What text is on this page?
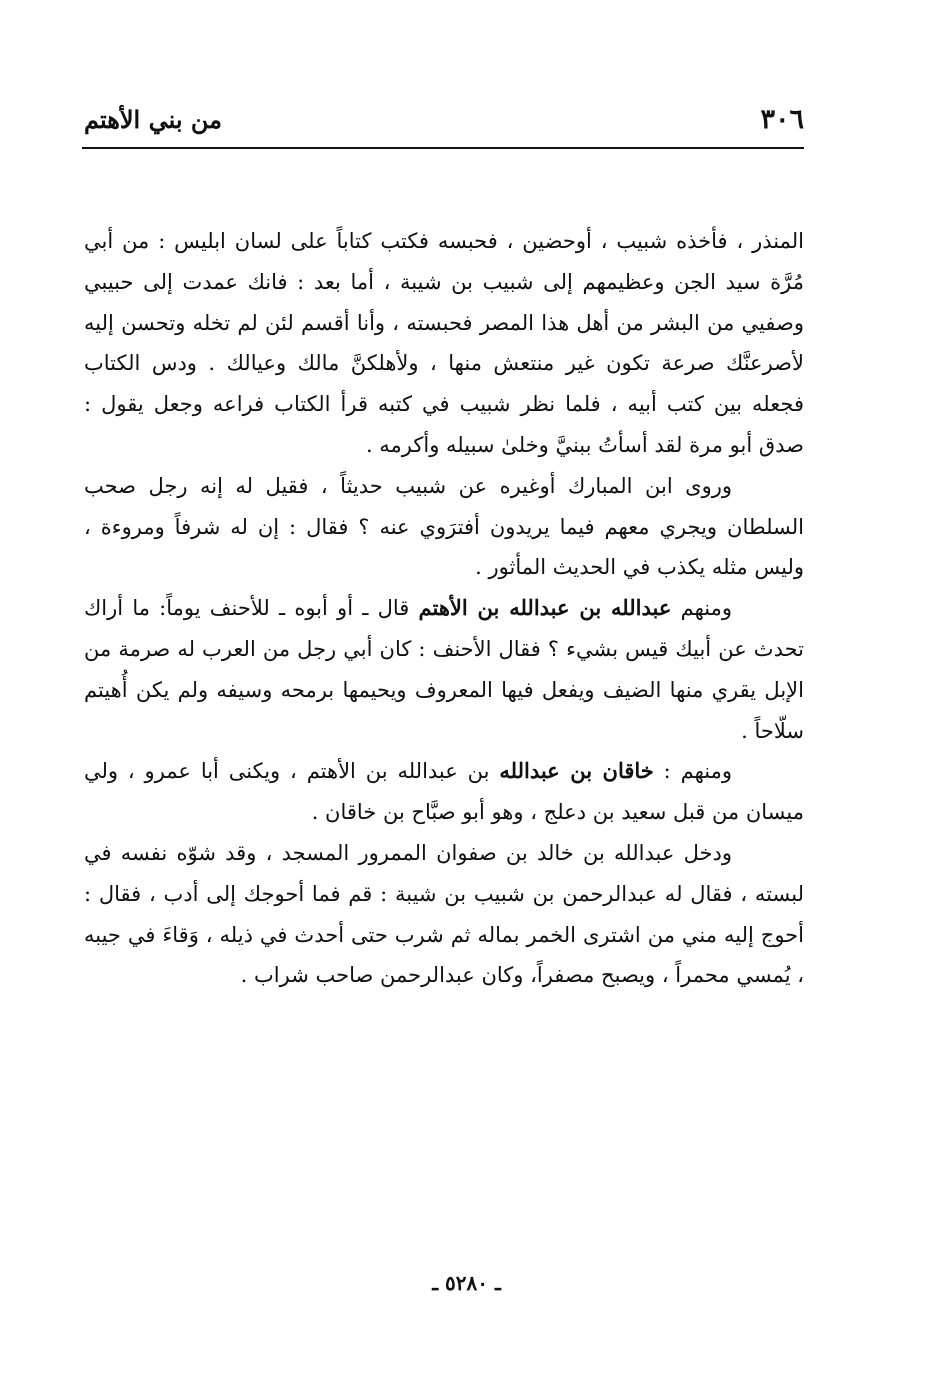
٣٠٦
من بني الأهتم

المنذر ، فأخذه شبيب ، أوحضين ، فحبسه فكتب كتاباً على لسان ابليس : من أبي مُرَّة سيد الجن وعظيمهم إلى شبيب بن شيبة ، أما بعد : فانك عمدت إلى حبيبي وصفيي من البشر من أهل هذا المصر فحبسته ، وأنا أقسم لئن لم تخله وتحسن إليه لأصرعنَّك صرعة تكون غير منتعش منها ، ولأهلكنَّ مالك وعيالك . ودس الكتاب فجعله بين كتب أبيه ، فلما نظر شبيب في كتبه قرأ الكتاب فراعه وجعل يقول : صدق أبو مرة لقد أسأتُ ببنيَّ وخلىٰ سبيله وأكرمه .

وروى ابن المبارك أوغيره عن شبيب حديثاً ، فقيل له إنه رجل صحب السلطان ويجري معهم فيما يريدون أفترَوي عنه ؟ فقال : إن له شرفاً ومروءة ، وليس مثله يكذب في الحديث المأثور .

ومنهم عبدالله بن عبدالله بن الأهتم قال ـ أو أبوه ـ للأحنف يوماً: ما أراك تحدث عن أبيك قيس بشيء ؟ فقال الأحنف : كان أبي رجل من العرب له صرمة من الإبل يقري منها الضيف ويفعل فيها المعروف ويحيمها برمحه وسيفه ولم يكن أُهيتم سلّاحاً .

ومنهم : خاقان بن عبدالله بن عبدالله بن الأهتم ، ويكنى أبا عمرو ، ولي ميسان من قبل سعيد بن دعلج ، وهو أبو صبَّاح بن خاقان .

ودخل عبدالله بن خالد بن صفوان الممرور المسجد ، وقد شوّه نفسه في لبسته ، فقال له عبدالرحمن بن شبيب بن شيبة : قم فما أحوجك إلى أدب ، فقال : أحوج إليه مني من اشترى الخمر بماله ثم شرب حتى أحدث في ذيله ، وَقاءَ في جيبه ، يُمسي محمراً ، ويصبح مصفراً، وكان عبدالرحمن صاحب شراب .

ـ ٥٢٨٠ ـ
